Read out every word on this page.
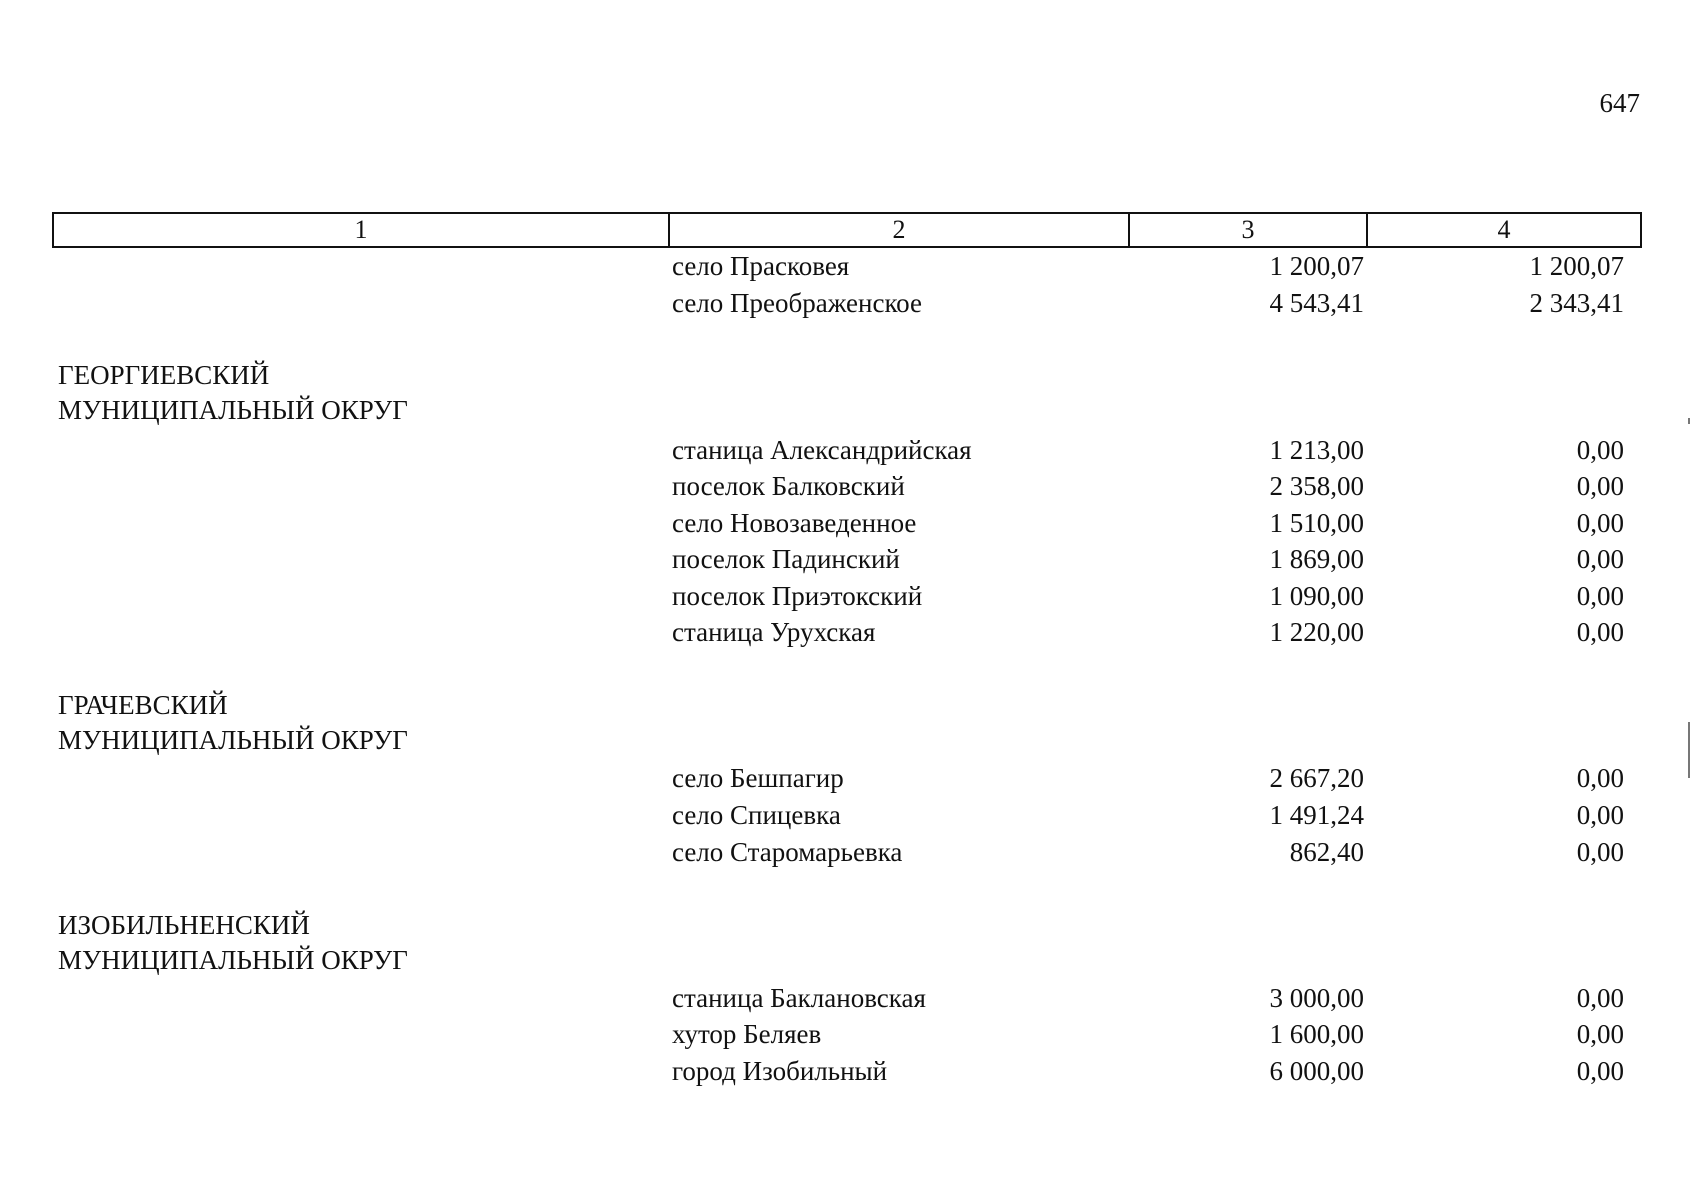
647
1	2	3	4
село Прасковея	1 200,07	1 200,07
село Преображенское	4 543,41	2 343,41
ГЕОРГИЕВСКИЙ
МУНИЦИПАЛЬНЫЙ ОКРУГ
станица Александрийская	1 213,00	0,00
поселок Балковский	2 358,00	0,00
село Новозаведенное	1 510,00	0,00
поселок Падинский	1 869,00	0,00
поселок Приэтокский	1 090,00	0,00
станица Урухская	1 220,00	0,00
ГРАЧЕВСКИЙ
МУНИЦИПАЛЬНЫЙ ОКРУГ
село Бешпагир	2 667,20	0,00
село Спицевка	1 491,24	0,00
село Старомарьевка	862,40	0,00
ИЗОБИЛЬНЕНСКИЙ
МУНИЦИПАЛЬНЫЙ ОКРУГ
станица Баклановская	3 000,00	0,00
хутор Беляев	1 600,00	0,00
город Изобильный	6 000,00	0,00
